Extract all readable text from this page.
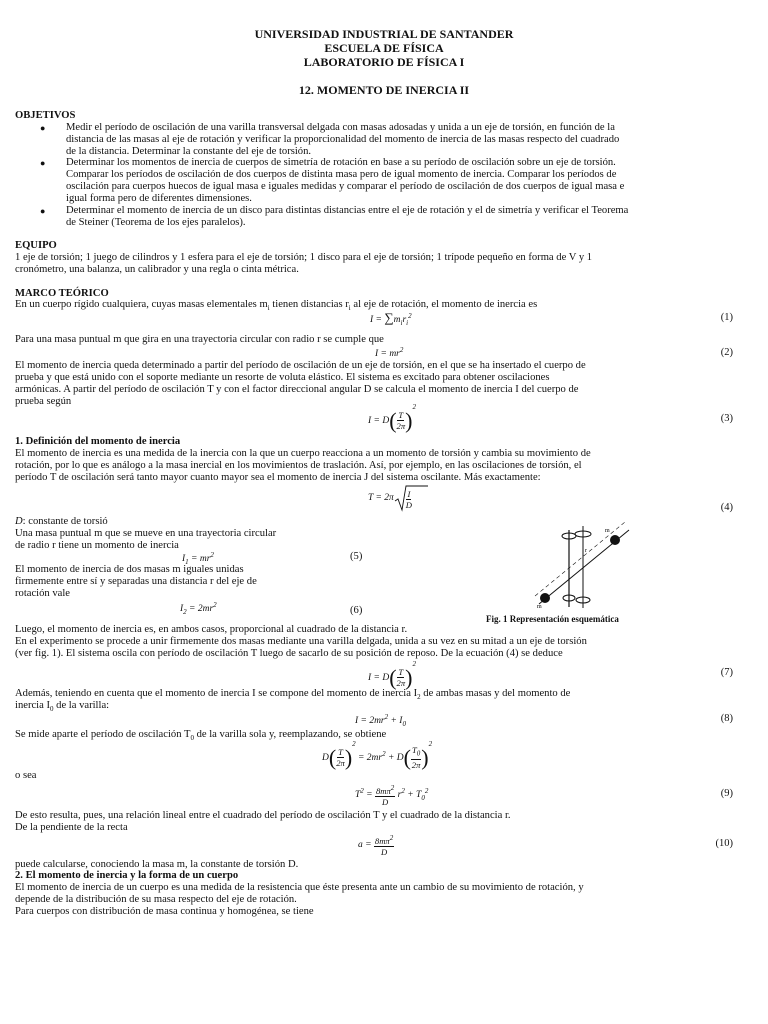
UNIVERSIDAD INDUSTRIAL DE SANTANDER
ESCUELA DE FÍSICA
LABORATORIO DE FÍSICA I
12. MOMENTO DE INERCIA II
OBJETIVOS
● Medir el período de oscilación de una varilla transversal delgada con masas adosadas y unida a un eje de torsión, en función de la
distancia de las masas al eje de rotación y verificar la proporcionalidad del momento de inercia de las masas respecto del cuadrado
de la distancia. Determinar la constante del eje de torsión.
● Determinar los momentos de inercia de cuerpos de simetría de rotación en base a su período de oscilación sobre un eje de torsión.
Comparar los períodos de oscilación de dos cuerpos de distinta masa pero de igual momento de inercia. Comparar los períodos de
oscilación para cuerpos huecos de igual masa e iguales medidas y comparar el período de oscilación de dos cuerpos de igual masa e
igual forma pero de diferentes dimensiones.
● Determinar el momento de inercia de un disco para distintas distancias entre el eje de rotación y el de simetría y verificar el Teorema
de Steiner (Teorema de los ejes paralelos).
EQUIPO
1 eje de torsión; 1 juego de cilindros y 1 esfera para el eje de torsión; 1 disco para el eje de torsión; 1 trípode pequeño en forma de V y 1
cronómetro, una balanza, un calibrador y una regla o cinta métrica.
MARCO TEÓRICO
En un cuerpo rígido cualquiera, cuyas masas elementales $m_i$ tienen distancias $r_i$ al eje de rotación, el momento de inercia es
$I = \sum m_ir_i^2$	(1)
Para una masa puntual m que gira en una trayectoria circular con radio r se cumple que
$I = mr^2$	(2)
El momento de inercia queda determinado a partir del período de oscilación de un eje de torsión, en el que se ha insertado el cuerpo de
prueba y que está unido con el soporte mediante un resorte de voluta elástico. El sistema es excitado para obtener oscilaciones
armónicas. A partir del período de oscilación T y con el factor direccional angular D se calcula el momento de inercia I del cuerpo de
prueba según
$I = D( \frac{T}{2\pi} )^2$
(3)
1. Definición del momento de inercia
El momento de inercia es una medida de la inercia con la que un cuerpo reacciona a un momento de torsión y cambia su movimiento de
rotación, por lo que es análogo a la masa inercial en los movimientos de traslación. Así, por ejemplo, en las oscilaciones de torsión, el
período T de oscilación será tanto mayor cuanto mayor sea el momento de inercia J del sistema oscilante. Más exactamente:
$T = 2\pi \frac{I}{D}$	(4)
D: constante de torsió
Una masa puntual m que se mueve en una trayectoria circular
de radio r tiene un momento de inercia
$I_1 = mr^2$	(5)
El momento de inercia de dos masas m iguales unidas
firmemente entre sí y separadas una distancia r del eje de
rotación vale
$I_2 = 2mr^2$	(6)
m
m
r
Fig. 1 Representación esquemática
Luego, el momento de inercia es, en ambos casos, proporcional al cuadrado de la distancia r.
En el experimento se procede a unir firmemente dos masas mediante una varilla delgada, unida a su vez en su mitad a un eje de torsión
(ver fig. 1). El sistema oscila con período de oscilación T luego de sacarlo de su posición de reposo. De la ecuación (4) se deduce
$I = D( \frac{T}{2\pi} )^2$
(7)
Además, teniendo en cuenta que el momento de inercia I se compone del momento de inercia $I_2$ de ambas masas y del momento de
inercia $I_0$ de la varilla:
$I = 2mr^2 + I_0$
(8)
Se mide aparte el período de oscilación $T_0$ de la varilla sola y, reemplazando, se obtiene
$D( \frac{T}{2\pi} )^2 = 2mr^2 + D( \frac{T_0}{2\pi} )^2$
o sea
$T^2 = \frac{8m\pi^2}{D} r^2 + T_0^2$	(9)
De esto resulta, pues, una relación lineal entre el cuadrado del período de oscilación T y el cuadrado de la distancia r.
De la pendiente de la recta
$a = \frac{8m\pi^2}{D}$	(10)
puede calcularse, conociendo la masa m, la constante de torsión D.
2. El momento de inercia y la forma de un cuerpo
El momento de inercia de un cuerpo es una medida de la resistencia que éste presenta ante un cambio de su movimiento de rotación, y
depende de la distribución de su masa respecto del eje de rotación.
Para cuerpos con distribución de masa continua y homogénea, se tiene
